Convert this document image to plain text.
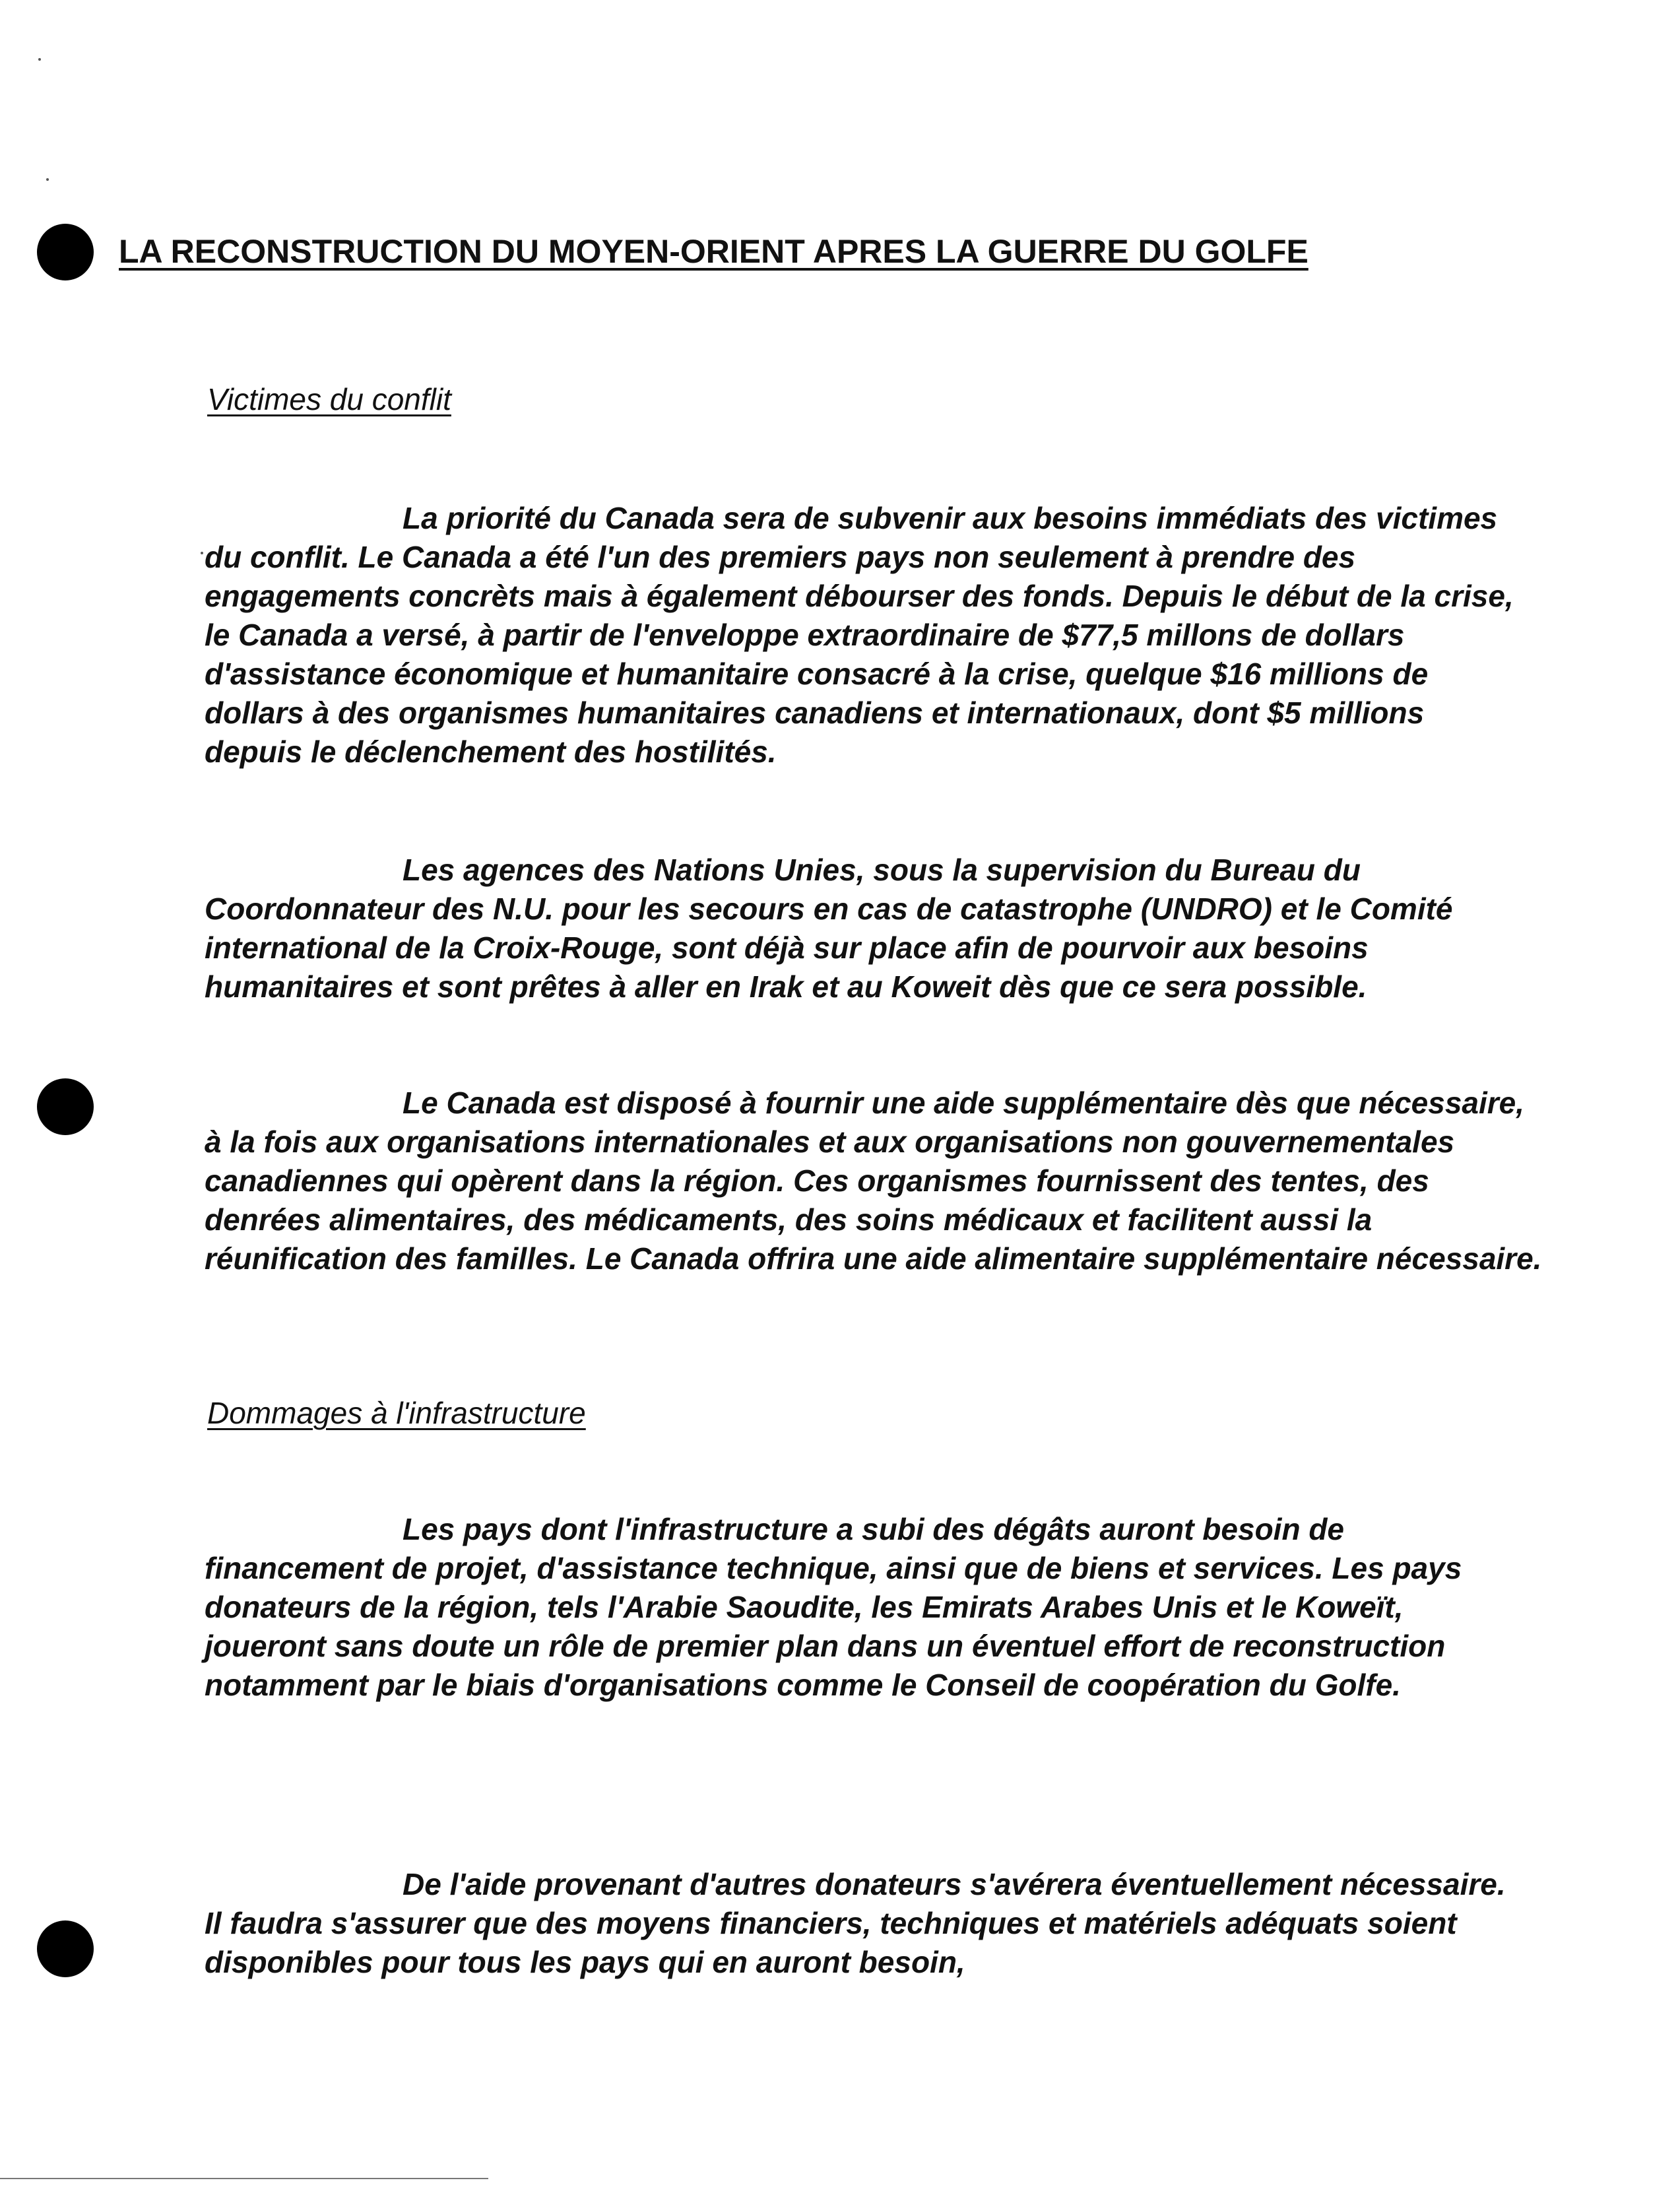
LA RECONSTRUCTION DU MOYEN-ORIENT APRES LA GUERRE DU GOLFE
Victimes du conflit

La priorité du Canada sera de subvenir aux besoins immédiats des victimes du conflit. Le Canada a été l'un des premiers pays non seulement à prendre des engagements concrèts mais à également débourser des fonds. Depuis le début de la crise, le Canada a versé, à partir de l'enveloppe extraordinaire de $77,5 millons de dollars d'assistance économique et humanitaire consacré à la crise, quelque $16 millions de dollars à des organismes humanitaires canadiens et internationaux, dont $5 millions depuis le déclenchement des hostilités.

Les agences des Nations Unies, sous la supervision du Bureau du Coordonnateur des N.U. pour les secours en cas de catastrophe (UNDRO) et le Comité international de la Croix-Rouge, sont déjà sur place afin de pourvoir aux besoins humanitaires et sont prêtes à aller en Irak et au Koweit dès que ce sera possible.

Le Canada est disposé à fournir une aide supplémentaire dès que nécessaire, à la fois aux organisations internationales et aux organisations non gouvernementales canadiennes qui opèrent dans la région. Ces organismes fournissent des tentes, des denrées alimentaires, des médicaments, des soins médicaux et facilitent aussi la réunification des familles. Le Canada offrira une aide alimentaire supplémentaire nécessaire.

Dommages à l'infrastructure

Les pays dont l'infrastructure a subi des dégâts auront besoin de financement de projet, d'assistance technique, ainsi que de biens et services. Les pays donateurs de la région, tels l'Arabie Saoudite, les Emirats Arabes Unis et le Koweït, joueront sans doute un rôle de premier plan dans un éventuel effort de reconstruction notamment par le biais d'organisations comme le Conseil de coopération du Golfe.

De l'aide provenant d'autres donateurs s'avérera éventuellement nécessaire. Il faudra s'assurer que des moyens financiers, techniques et matériels adéquats soient disponibles pour tous les pays qui en auront besoin,
